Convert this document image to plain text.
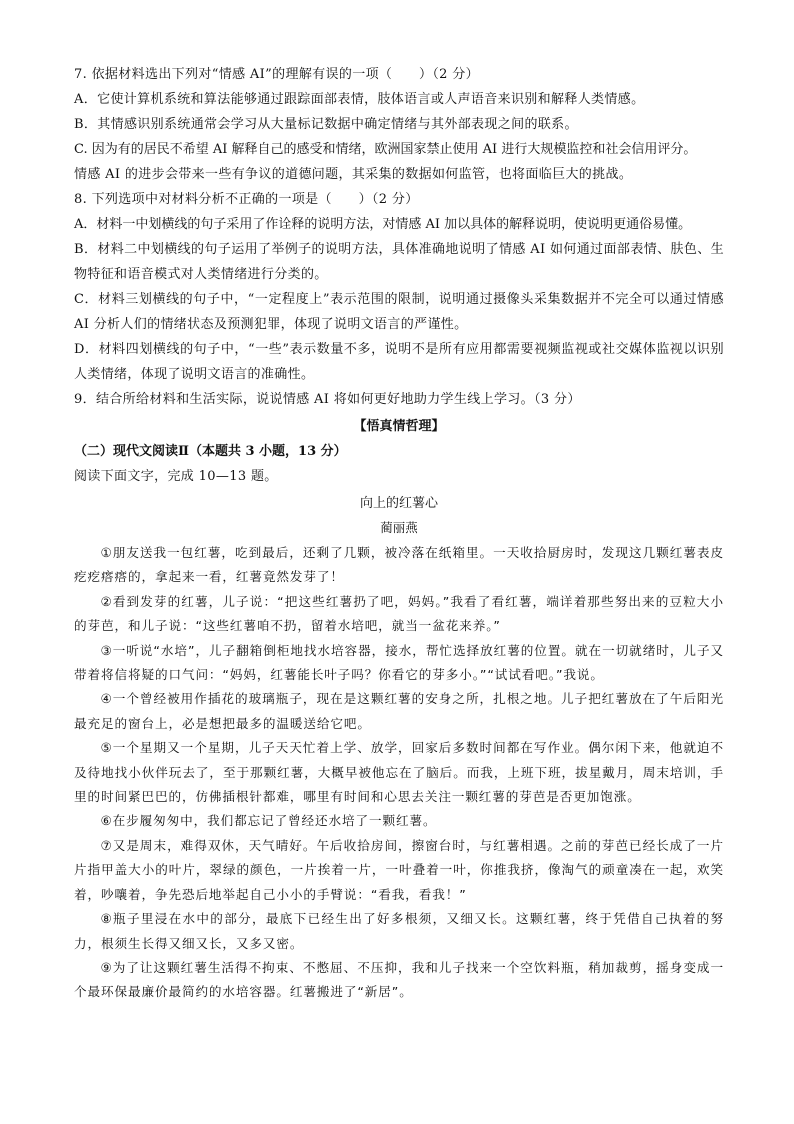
7. 依据材料选出下列对“情感 AI”的理解有误的一项（　　）（2 分）
A．它使计算机系统和算法能够通过跟踪面部表情，肢体语言或人声语音来识别和解释人类情感。
B．其情感识别系统通常会学习从大量标记数据中确定情绪与其外部表现之间的联系。
C. 因为有的居民不希望 AI 解释自己的感受和情绪，欧洲国家禁止使用 AI 进行大规模监控和社会信用评分。
情感 AI 的进步会带来一些有争议的道德问题，其采集的数据如何监管，也将面临巨大的挑战。
8. 下列选项中对材料分析不正确的一项是（　　）（2 分）
A．材料一中划横线的句子采用了作诠释的说明方法，对情感 AI 加以具体的解释说明，使说明更通俗易懂。
B．材料二中划横线的句子运用了举例子的说明方法，具体准确地说明了情感 AI 如何通过面部表情、肤色、生物特征和语音模式对人类情绪进行分类的。
C．材料三划横线的句子中，“一定程度上”表示范围的限制，说明通过摄像头采集数据并不完全可以通过情感 AI 分析人们的情绪状态及预测犯罪，体现了说明文语言的严谨性。
D．材料四划横线的句子中，“一些”表示数量不多，说明不是所有应用都需要视频监视或社交媒体监视以识别人类情绪，体现了说明文语言的准确性。
9．结合所给材料和生活实际，说说情感 AI 将如何更好地助力学生线上学习。（3 分）
【悟真情哲理】
（二）现代文阅读Ⅱ（本题共 3 小题，13 分）
阅读下面文字，完成 10—13 题。
向上的红薯心
蔺丽燕
①朋友送我一包红薯，吃到最后，还剩了几颗，被冷落在纸箱里。一天收拾厨房时，发现这几颗红薯表皮疙疙瘩瘩的，拿起来一看，红薯竟然发芽了！
②看到发芽的红薯，儿子说：“把这些红薯扔了吧，妈妈。”我看了看红薯，端详着那些努出来的豆粒大小的芽芭，和儿子说：“这些红薯咱不扔，留着水培吧，就当一盆花来养。”
③一听说“水培”，儿子翻箱倒柜地找水培容器，接水，帮忙选择放红薯的位置。就在一切就绪时，儿子又带着将信将疑的口气问：“妈妈，红薯能长叶子吗？你看它的芽多小。”“试试看吧。”我说。
④一个曾经被用作插花的玻璃瓶子，现在是这颗红薯的安身之所，扎根之地。儿子把红薯放在了午后阳光最充足的窗台上，必是想把最多的温暖送给它吧。
⑤一个星期又一个星期，儿子天天忙着上学、放学，回家后多数时间都在写作业。偶尔闲下来，他就迫不及待地找小伙伴玩去了，至于那颗红薯，大概早被他忘在了脑后。而我，上班下班，拔星戴月，周末培训，手里的时间紧巴巴的，仿佛插根针都难，哪里有时间和心思去关注一颗红薯的芽芭是否更加饱涨。
⑥在步履匆匆中，我们都忘记了曾经还水培了一颗红薯。
⑦又是周末，难得双休，天气晴好。午后收拾房间，擦窗台时，与红薯相遇。之前的芽芭已经长成了一片片指甲盖大小的叶片，翠绿的颜色，一片挨着一片，一叶叠着一叶，你推我挤，像淘气的顽童凑在一起，欢笑着，吵嚷着，争先恐后地举起自己小小的手臂说：“看我，看我！”
⑧瓶子里浸在水中的部分，最底下已经生出了好多根须，又细又长。这颗红薯，终于凭借自己执着的努力，根须生长得又细又长，又多又密。
⑨为了让这颗红薯生活得不拘束、不憋屈、不压抑，我和儿子找来一个空饮料瓶，稍加裁剪，摇身变成一个最环保最廉价最简约的水培容器。红薯搬进了“新居”。
